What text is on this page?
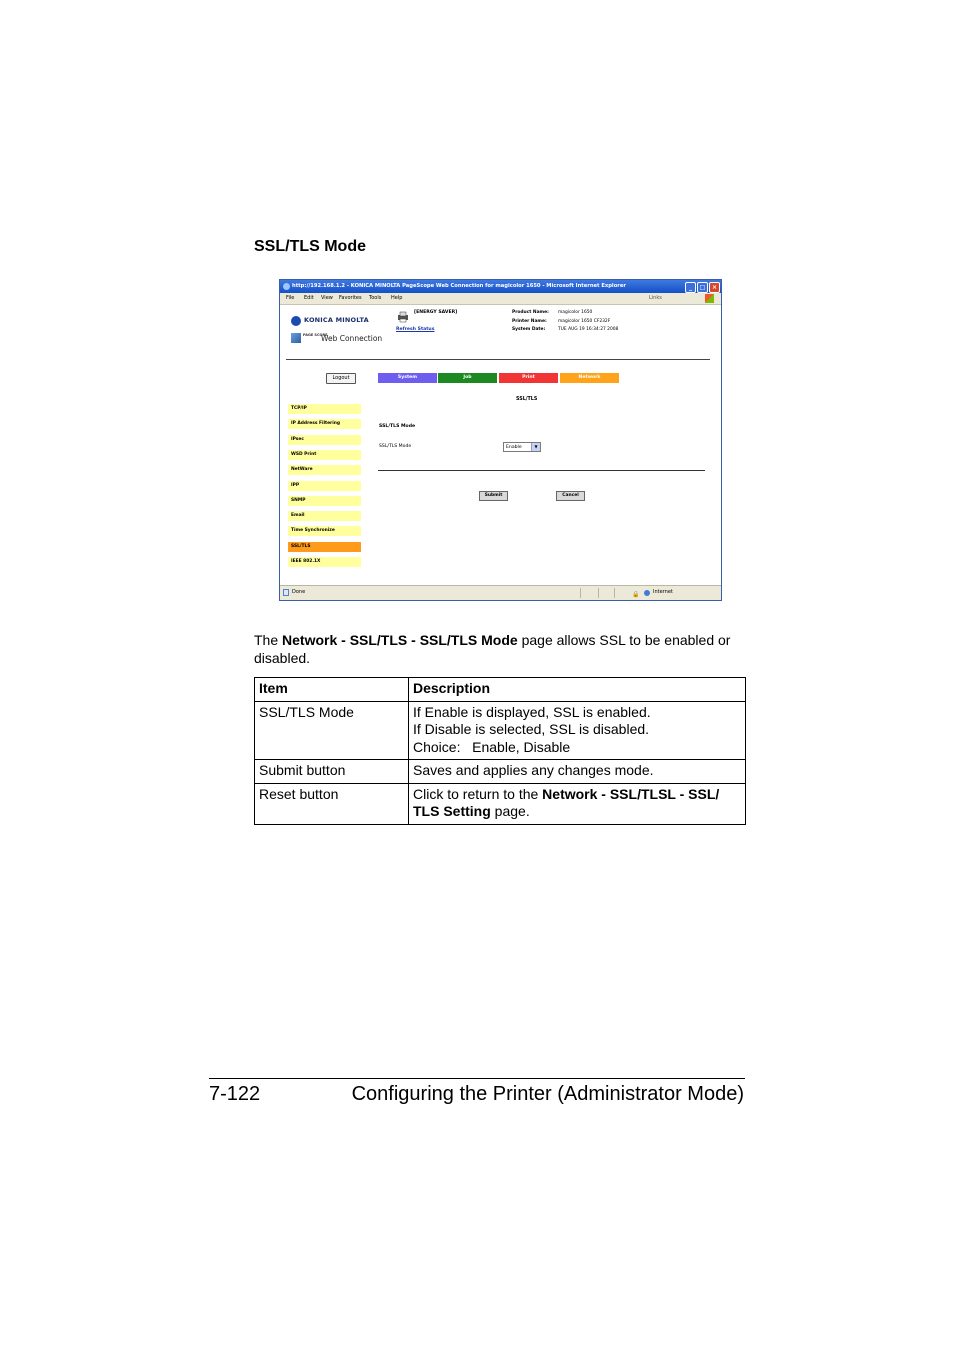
SSL/TLS Mode
http://192.168.1.2 - KONICA MINOLTA PageScope Web Connection for magicolor 1650 - Microsoft Internet Explorer	_	□	×
File Edit View Favorites Tools Help	Links
KONICA MINOLTA
PAGE SCOPE
Web Connection
[ENERGY SAVER]
Refresh Status
Product Name: magicolor 1650
Printer Name:	magicolor 1650 CF232F
System Date:	TUE AUG 19 16:34:27 2008
Logout	System	Job	Print	Network
TCP/IP
IP Address Filtering
IPsec
WSD Print
NetWare
IPP
SNMP
Email
Time Synchronize
SSL/TLS
IEEE 802.1X
SSL/TLS
SSL/TLS Mode
SSL/TLS Mode	Enable	▼
Submit	Cancel
Done	🔒	Internet
The Network - SSL/TLS - SSL/TLS Mode page allows SSL to be enabled or disabled.
Item	Description
SSL/TLS Mode	If Enable is displayed, SSL is enabled.
If Disable is selected, SSL is disabled.
Choice:   Enable, Disable

Submit button	Saves and applies any changes mode.

Reset button	Click to return to the Network - SSL/TLSL - SSL/ TLS Setting page.
7-122	Configuring the Printer (Administrator Mode)
